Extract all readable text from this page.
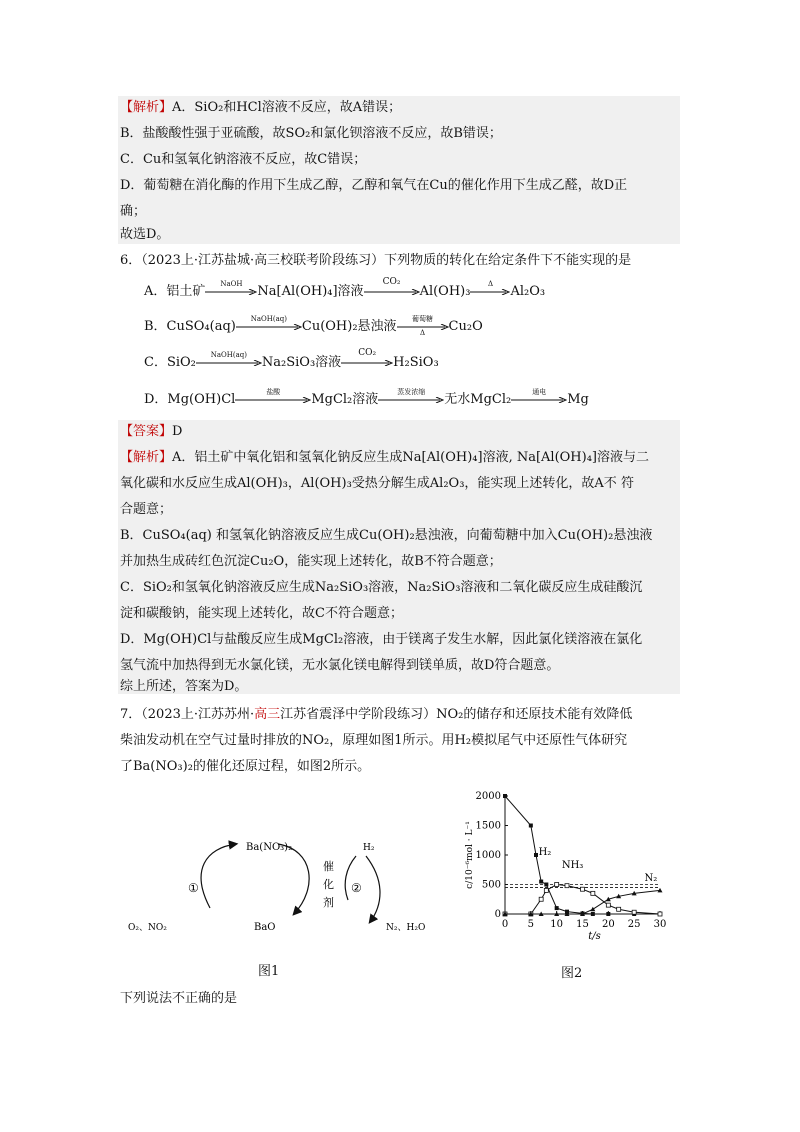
【解析】A．SiO₂和HCl溶液不反应，故A错误；
B．盐酸酸性强于亚硫酸，故SO₂和氯化钡溶液不反应，故B错误；
C．Cu和氢氧化钠溶液不反应，故C错误；
D．葡萄糖在消化酶的作用下生成乙醇，乙醇和氧气在Cu的催化作用下生成乙醛，故D正
确；
故选D。
6．（2023上·江苏盐城·高三校联考阶段练习）下列物质的转化在给定条件下不能实现的是
A．铝土矿
NaOH
Na[Al(OH)₄]溶液
CO₂
Al(OH)₃
Δ
Al₂O₃
B．CuSO₄(aq)
NaOH(aq)
Cu(OH)₂悬浊液
葡萄糖
Δ	Cu₂O
C．SiO₂
NaOH(aq)
Na₂SiO₃溶液
CO₂
H₂SiO₃
D．Mg(OH)Cl
盐酸
MgCl₂溶液
蒸发浓缩
无水MgCl₂
通电
Mg
【答案】D
【解析】A．铝土矿中氧化铝和氢氧化钠反应生成Na[Al(OH)₄]溶液, Na[Al(OH)₄]溶液与二
氧化碳和水反应生成Al(OH)₃，Al(OH)₃受热分解生成Al₂O₃，能实现上述转化，故A不 符
合题意；
B．CuSO₄(aq) 和氢氧化钠溶液反应生成Cu(OH)₂悬浊液，向葡萄糖中加入Cu(OH)₂悬浊液
并加热生成砖红色沉淀Cu₂O，能实现上述转化，故B不符合题意；
C．SiO₂和氢氧化钠溶液反应生成Na₂SiO₃溶液，Na₂SiO₃溶液和二氧化碳反应生成硅酸沉
淀和碳酸钠，能实现上述转化，故C不符合题意；
D．Mg(OH)Cl与盐酸反应生成MgCl₂溶液，由于镁离子发生水解，因此氯化镁溶液在氯化
氢气流中加热得到无水氯化镁，无水氯化镁电解得到镁单质，故D符合题意。
综上所述，答案为D。
7．（2023上·江苏苏州·高三江苏省震泽中学阶段练习）NO₂的储存和还原技术能有效降低
柴油发动机在空气过量时排放的NO₂，原理如图1所示。用H₂模拟尾气中还原性气体研究
了Ba(NO₃)₂的催化还原过程，如图2所示。
Ba(NO₃)₂
BaO
O₂、NO₂
H₂
N₂、H₂O
①	②
催
化
剂
图1
0
500
1000
1500
2000
0 5 10 15 20 25 30
t/s
c/10⁻⁶mol · L⁻¹	H₂
NH₃
N₂
图2
下列说法不正确的是
